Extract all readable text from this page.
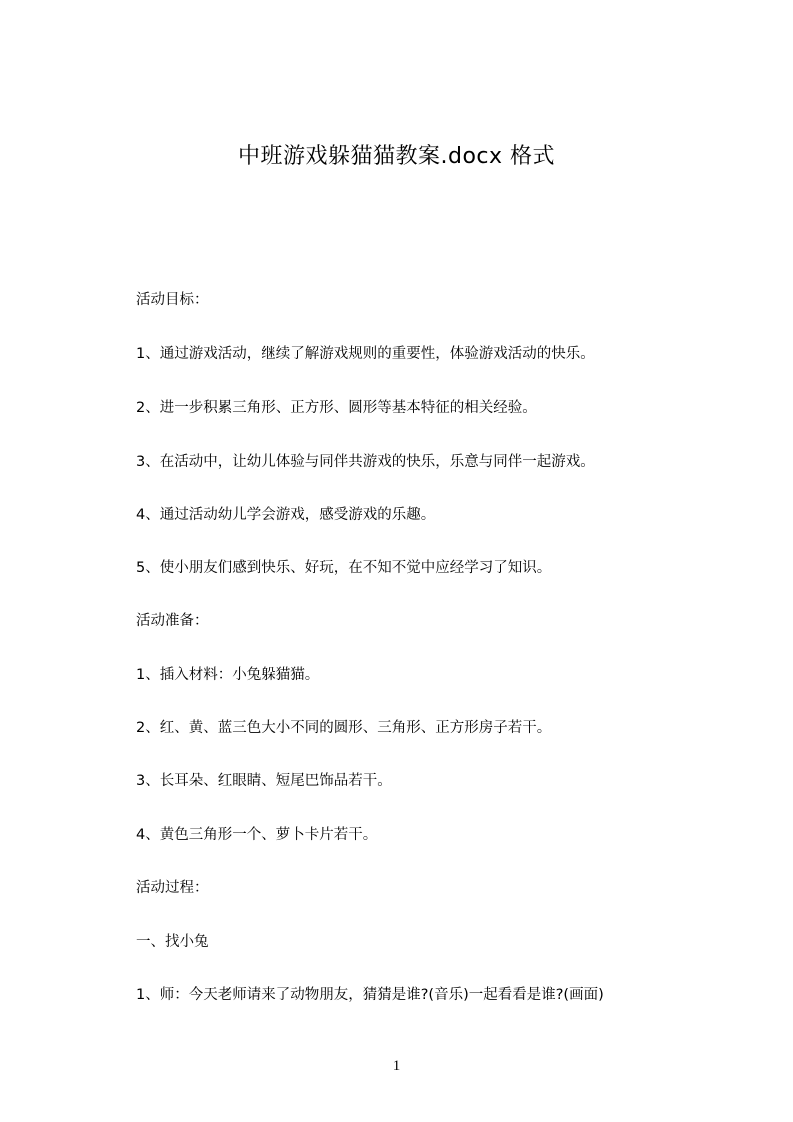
中班游戏躲猫猫教案.docx 格式
活动目标：
1、通过游戏活动，继续了解游戏规则的重要性，体验游戏活动的快乐。
2、进一步积累三角形、正方形、圆形等基本特征的相关经验。
3、在活动中，让幼儿体验与同伴共游戏的快乐，乐意与同伴一起游戏。
4、通过活动幼儿学会游戏，感受游戏的乐趣。
5、使小朋友们感到快乐、好玩，在不知不觉中应经学习了知识。
活动准备：
1、插入材料：小兔躲猫猫。
2、红、黄、蓝三色大小不同的圆形、三角形、正方形房子若干。
3、长耳朵、红眼睛、短尾巴饰品若干。
4、黄色三角形一个、萝卜卡片若干。
活动过程：
一、找小兔
1、师：今天老师请来了动物朋友，猜猜是谁?(音乐)一起看看是谁?(画面)
1
